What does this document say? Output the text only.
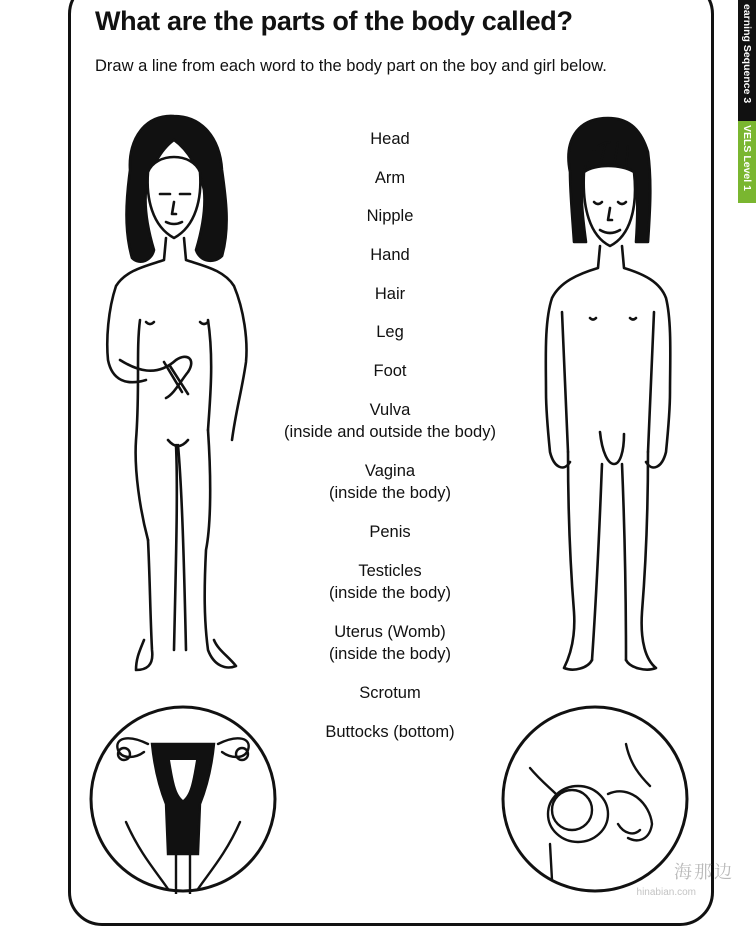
What are the parts of the body called?
Draw a line from each word to the body part on the boy and girl below.	earning Sequence 3
VELS Level 1
Head
Arm
Nipple
Hand
Hair
Leg
Foot
Vulva
(inside and outside the body)
Vagina
(inside the body)
Penis
Testicles
(inside the body)
Uterus (Womb)
(inside the body)
Scrotum
Buttocks (bottom)
海那边
hinabian.com
